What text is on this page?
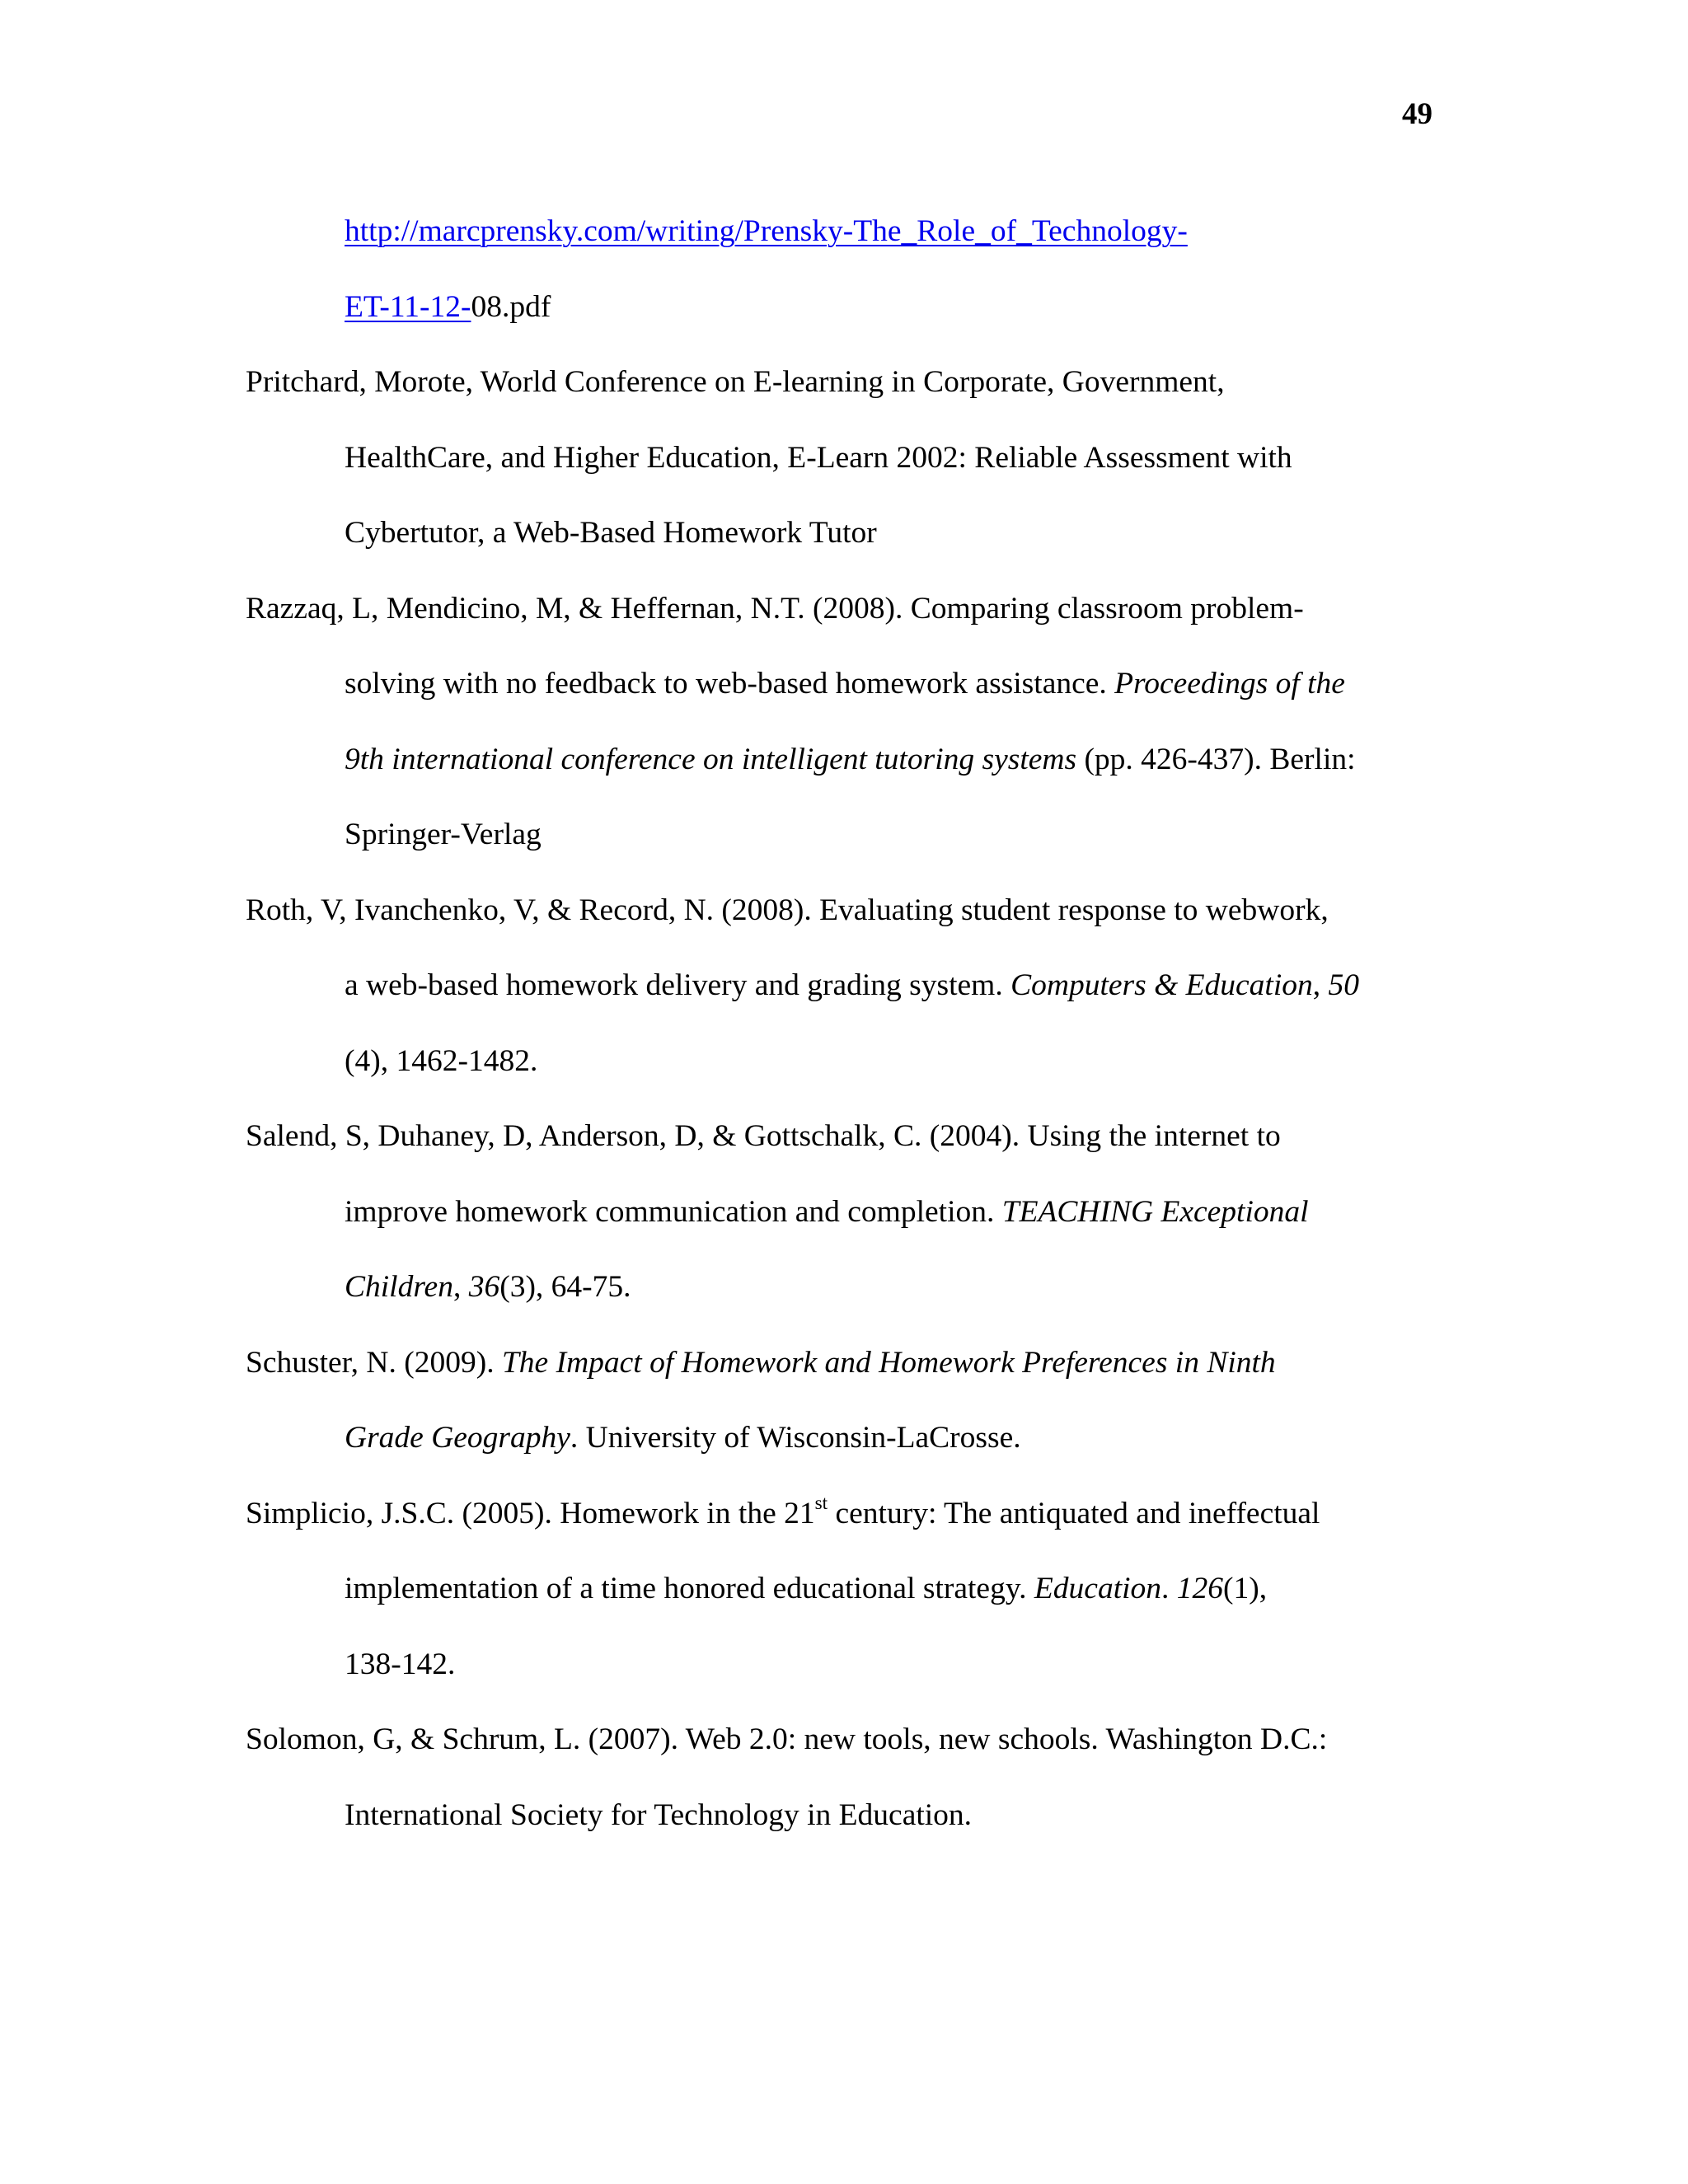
49
http://marcprensky.com/writing/Prensky-The_Role_of_Technology-
ET-11-12-08.pdf
Pritchard, Morote, World Conference on E-learning in Corporate, Government,
HealthCare, and Higher Education, E-Learn 2002: Reliable Assessment with
Cybertutor, a Web-Based Homework Tutor
Razzaq, L, Mendicino, M, & Heffernan, N.T. (2008). Comparing classroom problem-
solving with no feedback to web-based homework assistance. Proceedings of the
9th international conference on intelligent tutoring systems (pp. 426-437). Berlin:
Springer-Verlag
Roth, V, Ivanchenko, V, & Record, N. (2008). Evaluating student response to webwork,
a web-based homework delivery and grading system. Computers & Education, 50
(4), 1462-1482.
Salend, S, Duhaney, D, Anderson, D, & Gottschalk, C. (2004). Using the internet to
improve homework communication and completion. TEACHING Exceptional
Children, 36(3), 64-75.
Schuster, N. (2009). The Impact of Homework and Homework Preferences in Ninth
Grade Geography. University of Wisconsin-LaCrosse.
Simplicio, J.S.C. (2005). Homework in the 21st century: The antiquated and ineffectual
implementation of a time honored educational strategy. Education. 126(1),
138-142.
Solomon, G, & Schrum, L. (2007). Web 2.0: new tools, new schools. Washington D.C.:
International Society for Technology in Education.
